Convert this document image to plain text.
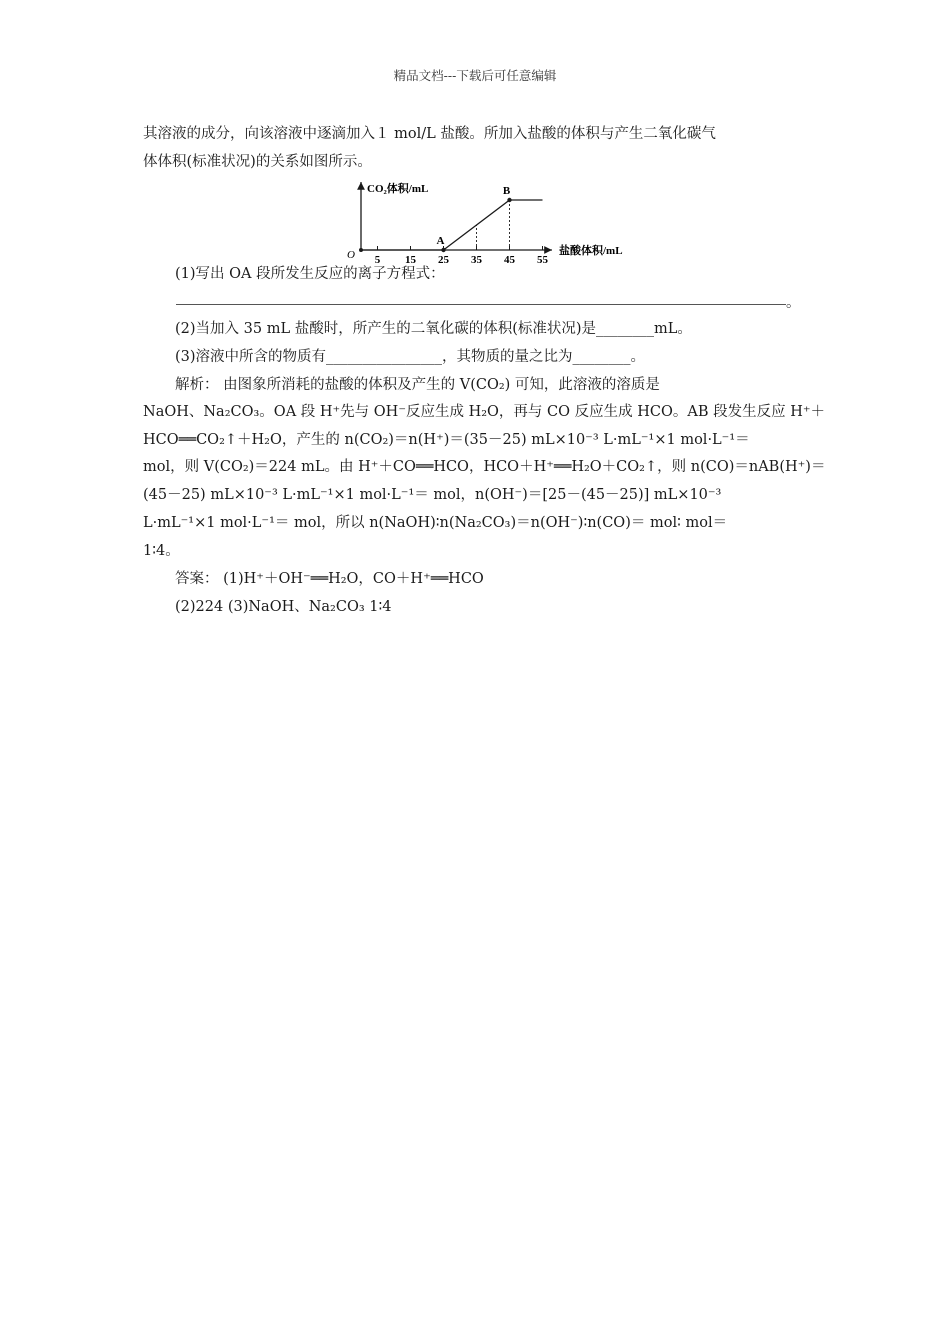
精品文档---下载后可任意编辑
其溶液的成分，向该溶液中逐滴加入１ mol/L 盐酸。所加入盐酸的体积与产生二氧化碳气
体体积(标准状况)的关系如图所示。
CO₂体积/mL
盐酸体积/mL
O 5 15 25 35 45 55
A
B
(1)写出 OA 段所发生反应的离子方程式：
。
(2)当加入 35 mL 盐酸时，所产生的二氧化碳的体积(标准状况)是________mL。
(3)溶液中所含的物质有________________，其物质的量之比为________。
解析： 由图象所消耗的盐酸的体积及产生的 V(CO₂) 可知，此溶液的溶质是
NaOH、Na₂CO₃。OA 段 H⁺先与 OH⁻反应生成 H₂O，再与 CO 反应生成 HCO。AB 段发生反应 H⁺＋
HCO══CO₂↑＋H₂O，产生的 n(CO₂)＝n(H⁺)＝(35－25) mL×10⁻³ L·mL⁻¹×1 mol·L⁻¹＝
mol，则 V(CO₂)＝224 mL。由 H⁺＋CO══HCO，HCO＋H⁺══H₂O＋CO₂↑，则 n(CO)＝nAB(H⁺)＝
(45－25) mL×10⁻³ L·mL⁻¹×1 mol·L⁻¹＝ mol，n(OH⁻)＝[25－(45－25)] mL×10⁻³
L·mL⁻¹×1 mol·L⁻¹＝ mol，所以 n(NaOH)∶n(Na₂CO₃)＝n(OH⁻)∶n(CO)＝ mol∶ mol＝
1∶4。
答案： (1)H⁺＋OH⁻══H₂O，CO＋H⁺══HCO
(2)224 (3)NaOH、Na₂CO₃ 1∶4
